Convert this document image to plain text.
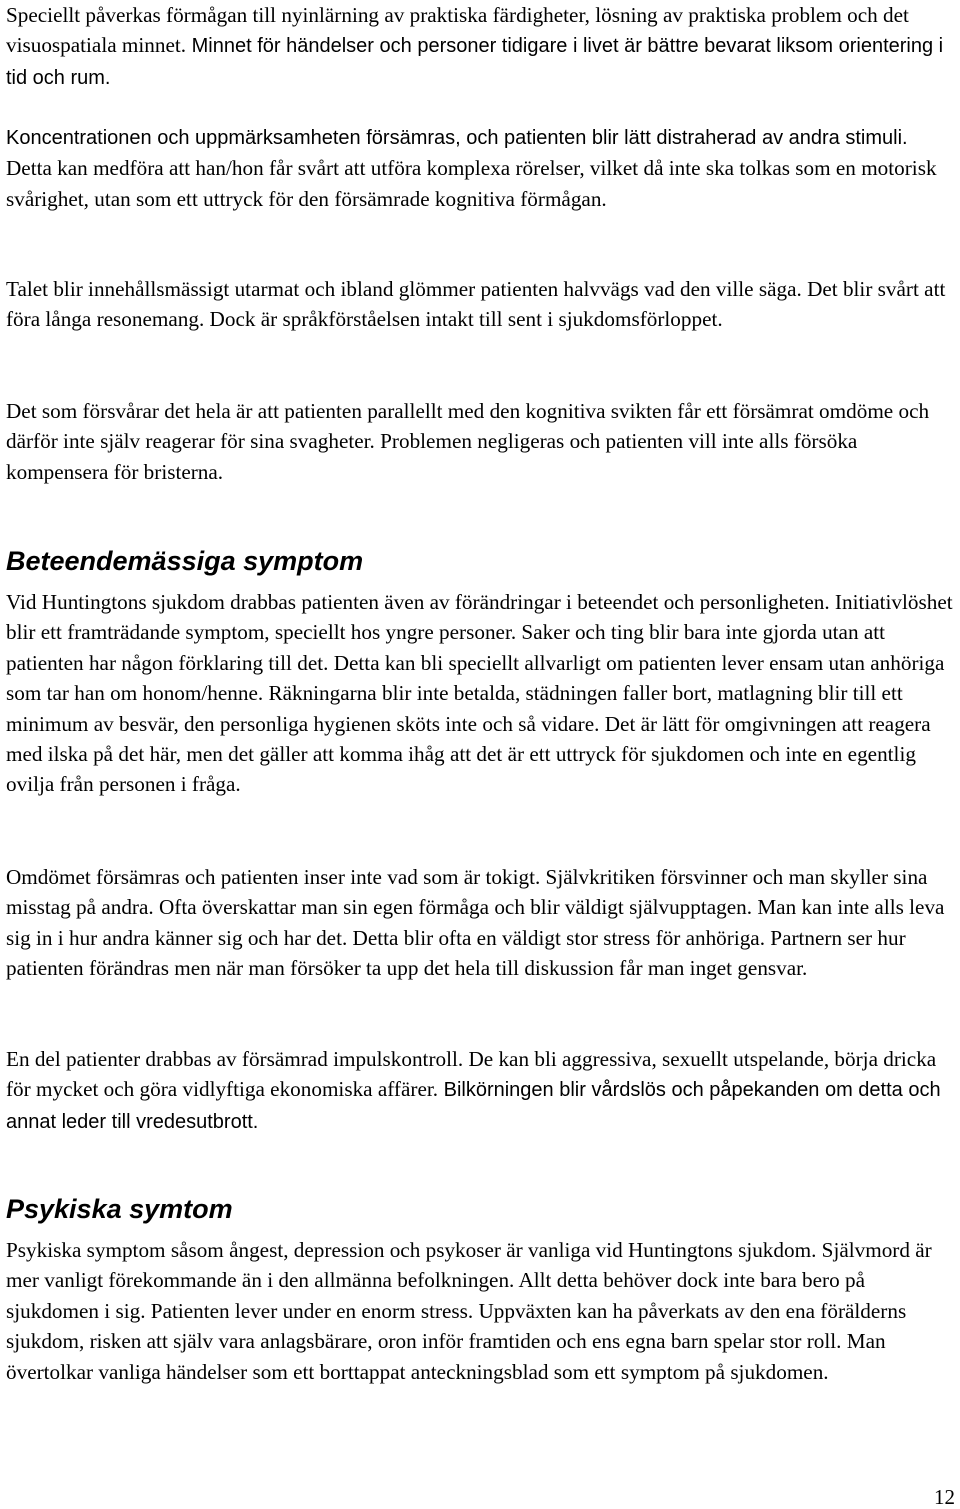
Speciellt påverkas förmågan till nyinlärning av praktiska färdigheter, lösning av praktiska problem och det visuospatiala minnet. Minnet för händelser och personer tidigare i livet är bättre bevarat liksom orientering i tid och rum.

Koncentrationen och uppmärksamheten försämras, och patienten blir lätt distraherad av andra stimuli. Detta kan medföra att han/hon får svårt att utföra komplexa rörelser, vilket då inte ska tolkas som en motorisk svårighet, utan som ett uttryck för den försämrade kognitiva förmågan.

Talet blir innehållsmässigt utarmat och ibland glömmer patienten halvvägs vad den ville säga. Det blir svårt att föra långa resonemang. Dock är språkförståelsen intakt till sent i sjukdomsförloppet.

Det som försvårar det hela är att patienten parallellt med den kognitiva svikten får ett försämrat omdöme och därför inte själv reagerar för sina svagheter. Problemen negligeras och patienten vill inte alls försöka kompensera för bristerna.

Beteendemässiga symptom

Vid Huntingtons sjukdom drabbas patienten även av förändringar i beteendet och personligheten. Initiativlöshet blir ett framträdande symptom, speciellt hos yngre personer. Saker och ting blir bara inte gjorda utan att patienten har någon förklaring till det. Detta kan bli speciellt allvarligt om patienten lever ensam utan anhöriga som tar han om honom/henne. Räkningarna blir inte betalda, städningen faller bort, matlagning blir till ett minimum av besvär, den personliga hygienen sköts inte och så vidare. Det är lätt för omgivningen att reagera med ilska på det här, men det gäller att komma ihåg att det är ett uttryck för sjukdomen och inte en egentlig ovilja från personen i fråga.

Omdömet försämras och patienten inser inte vad som är tokigt. Självkritiken försvinner och man skyller sina misstag på andra. Ofta överskattar man sin egen förmåga och blir väldigt självupptagen. Man kan inte alls leva sig in i hur andra känner sig och har det. Detta blir ofta en väldigt stor stress för anhöriga. Partnern ser hur patienten förändras men när man försöker ta upp det hela till diskussion får man inget gensvar.

En del patienter drabbas av försämrad impulskontroll. De kan bli aggressiva, sexuellt utspelande, börja dricka för mycket och göra vidlyftiga ekonomiska affärer. Bilkörningen blir vårdslös och påpekanden om detta och annat leder till vredesutbrott.

Psykiska symtom

Psykiska symptom såsom ångest, depression och psykoser är vanliga vid Huntingtons sjukdom. Självmord är mer vanligt förekommande än i den allmänna befolkningen. Allt detta behöver dock inte bara bero på sjukdomen i sig. Patienten lever under en enorm stress. Uppväxten kan ha påverkats av den ena förälderns sjukdom, risken att själv vara anlagsbärare, oron inför framtiden och ens egna barn spelar stor roll. Man övertolkar vanliga händelser som ett borttappat anteckningsblad som ett symptom på sjukdomen.

12
